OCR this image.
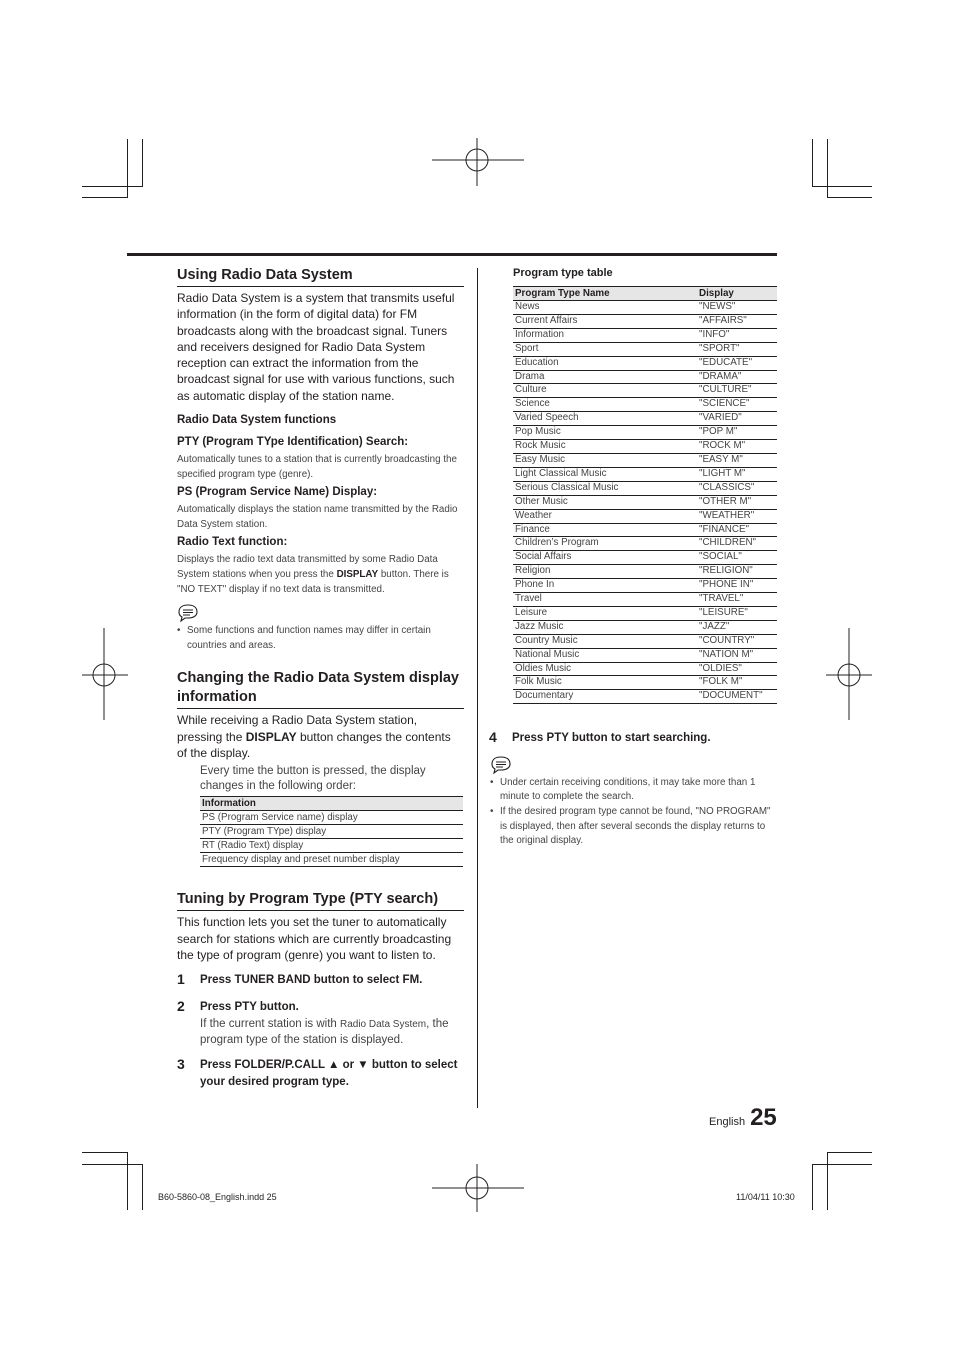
Using Radio Data System
Radio Data System is a system that transmits useful information (in the form of digital data) for FM broadcasts along with the broadcast signal. Tuners and receivers designed for Radio Data System reception can extract the information from the broadcast signal for use with various functions, such as automatic display of the station name.
Radio Data System functions
PTY (Program TYpe Identification) Search:
Automatically tunes to a station that is currently broadcasting the specified program type (genre).
PS (Program Service Name) Display:
Automatically displays the station name transmitted by the Radio Data System station.
Radio Text function:
Displays the radio text data transmitted by some Radio Data System stations when you press the DISPLAY button. There is "NO TEXT" display if no text data is transmitted.
• Some functions and function names may differ in certain countries and areas.
Changing the Radio Data System display information
While receiving a Radio Data System station, pressing the DISPLAY button changes the contents of the display.
Every time the button is pressed, the display changes in the following order:
Information
PS (Program Service name) display
PTY (Program TYpe) display
RT (Radio Text) display
Frequency display and preset number display
Tuning by Program Type (PTY search)
This function lets you set the tuner to automatically search for stations which are currently broadcasting the type of program (genre) you want to listen to.
1	Press TUNER BAND button to select FM.
2	Press PTY button.
If the current station is with Radio Data System, the program type of the station is displayed.
3	Press FOLDER/P.CALL ▲ or ▼ button to select
your desired program type.
Program type table
Program Type Name	Display
News	"NEWS"
Current Affairs	"AFFAIRS"
Information	"INFO"
Sport	"SPORT"
Education	"EDUCATE"
Drama	"DRAMA"
Culture	"CULTURE"
Science	"SCIENCE"
Varied Speech	"VARIED"
Pop Music	"POP M"
Rock Music	"ROCK M"
Easy Music	"EASY M"
Light Classical Music	"LIGHT M"
Serious Classical Music	"CLASSICS"
Other Music	"OTHER M"
Weather	"WEATHER"
Finance	"FINANCE"
Children’s Program	"CHILDREN"
Social Affairs	"SOCIAL"
Religion	"RELIGION"
Phone In	"PHONE IN"
Travel	"TRAVEL"
Leisure	"LEISURE"
Jazz Music	"JAZZ"
Country Music	"COUNTRY"
National Music	"NATION M"
Oldies Music	"OLDIES"
Folk Music	"FOLK M"
Documentary	"DOCUMENT"
4	Press PTY button to start searching.
• Under certain receiving conditions, it may take more than 1 minute to complete the search.
• If the desired program type cannot be found, "NO PROGRAM" is displayed, then after several seconds the display returns to the original display.
English 25
B60-5860-08_English.indd 25	11/04/11 10:30
